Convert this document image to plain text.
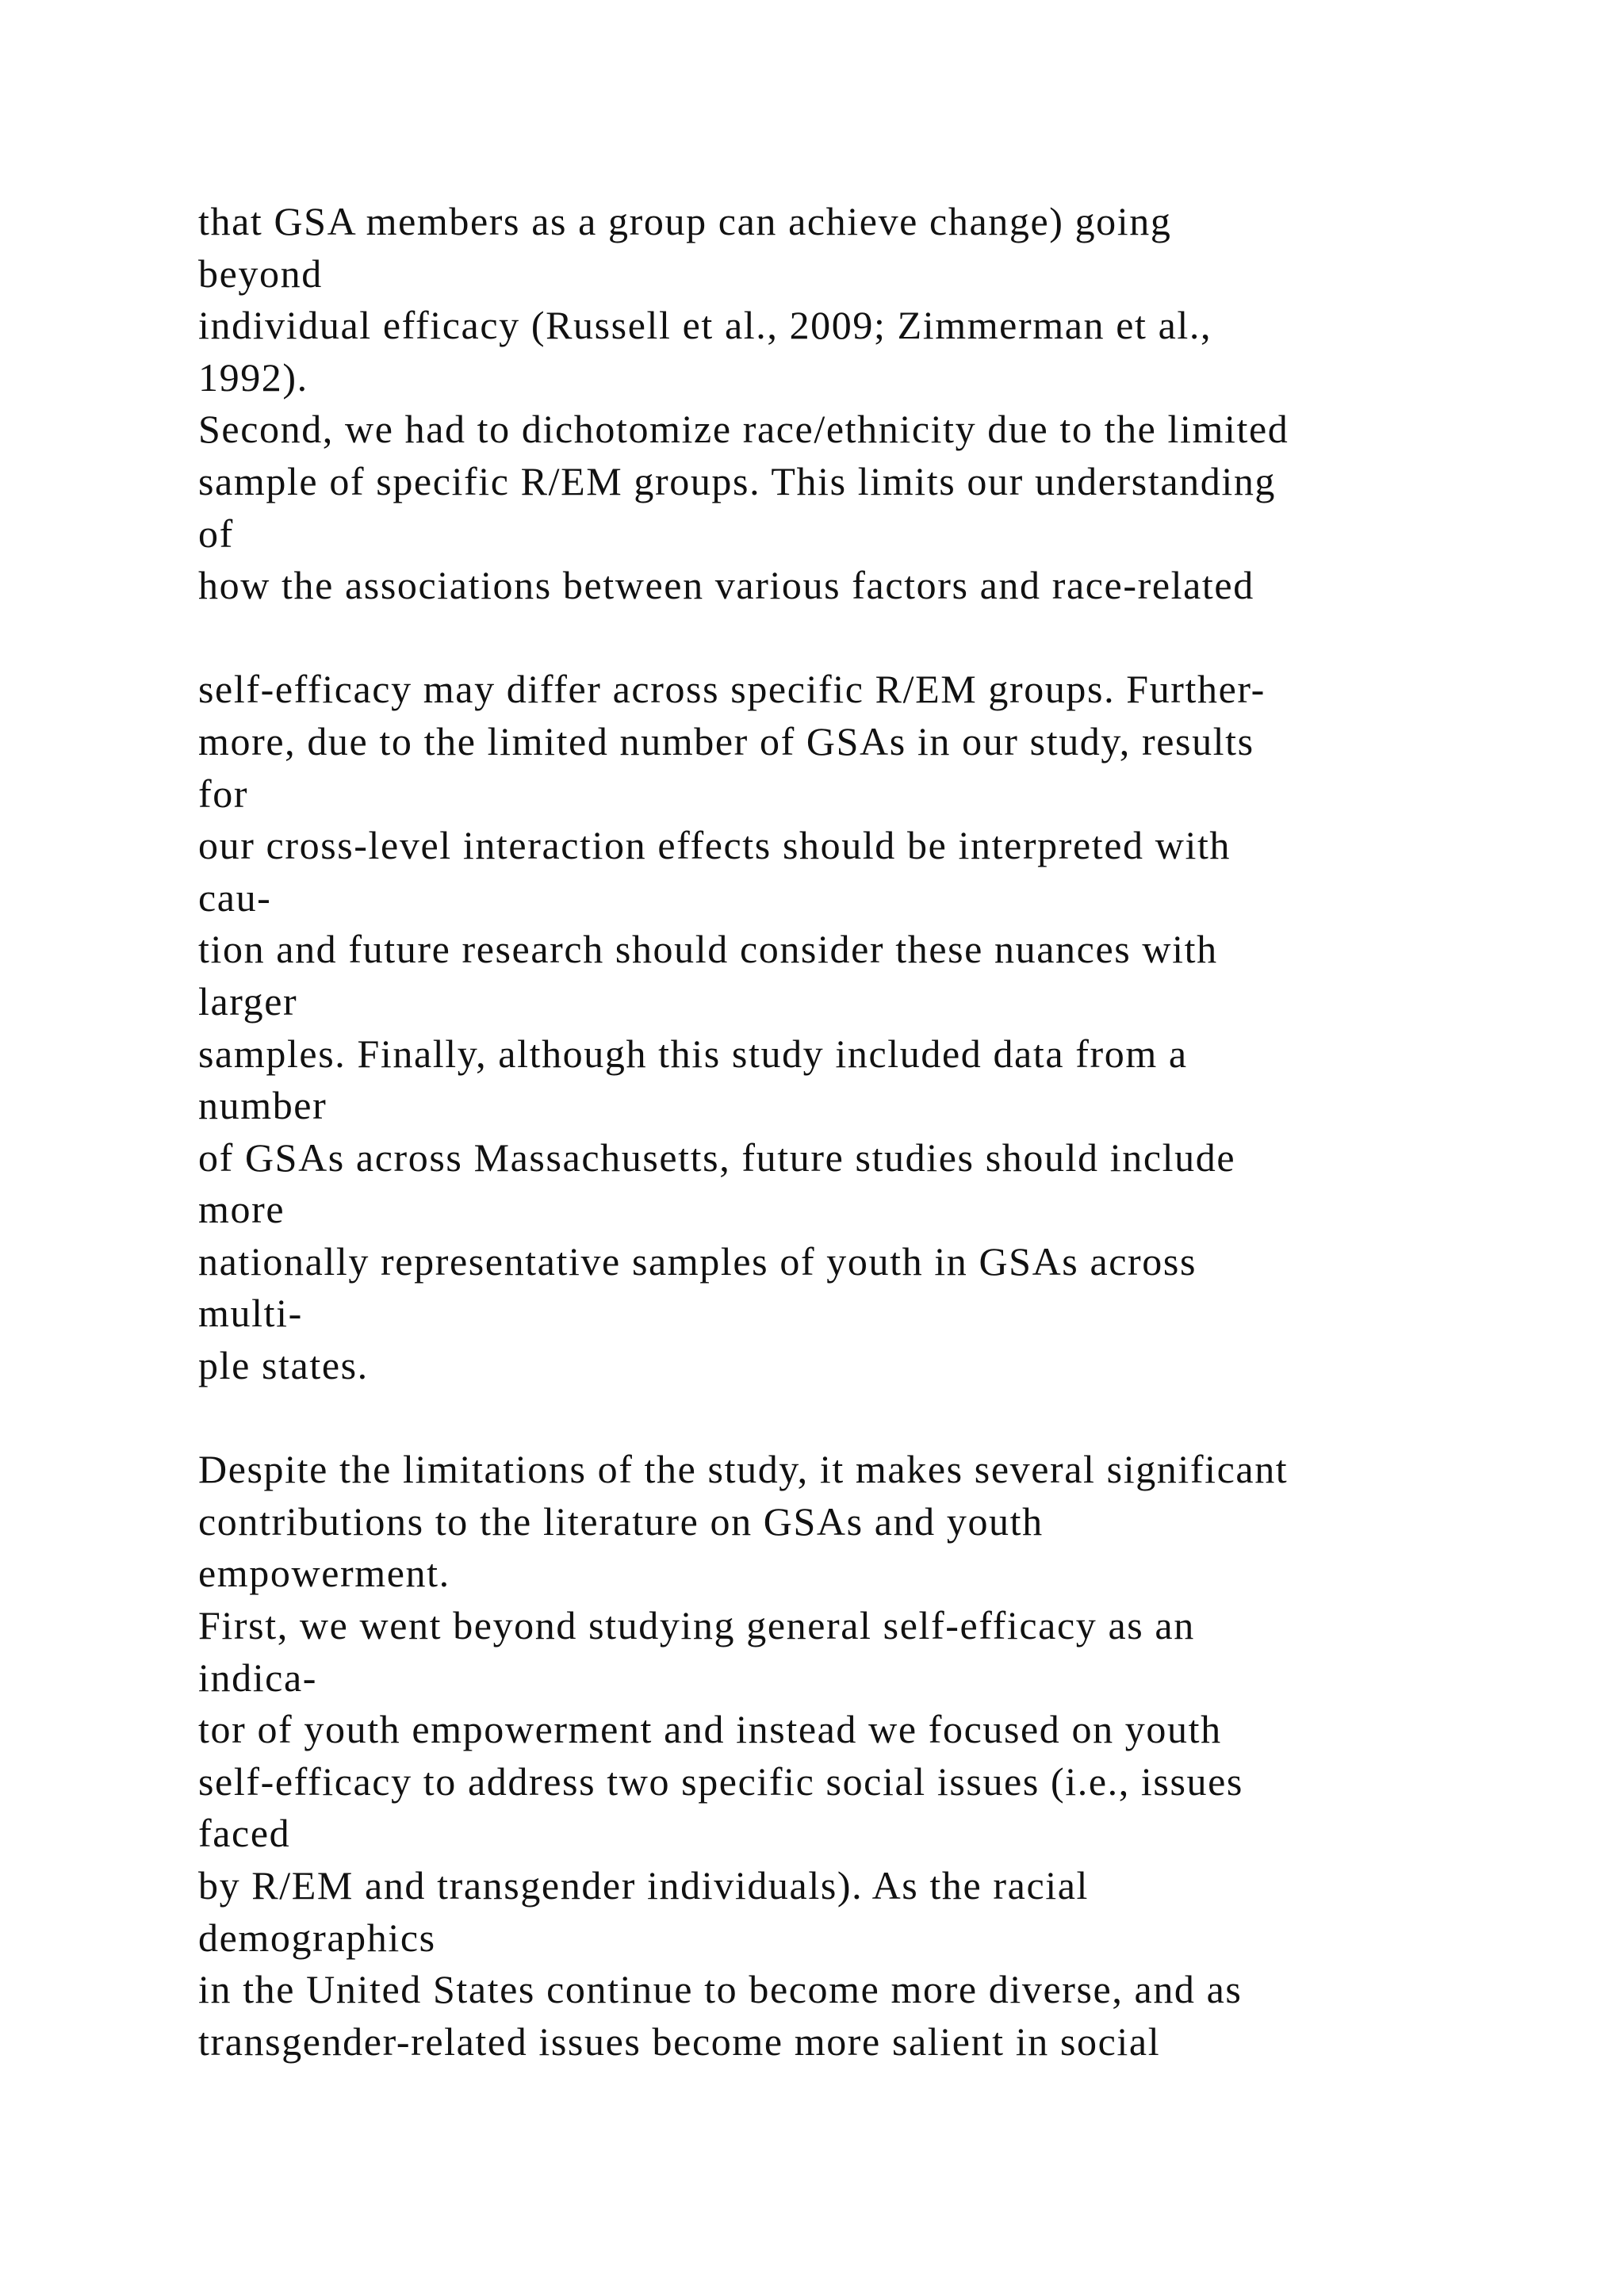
that GSA members as a group can achieve change) going
beyond
individual efficacy (Russell et al., 2009; Zimmerman et al.,
1992).
Second, we had to dichotomize race/ethnicity due to the limited
sample of specific R/EM groups. This limits our understanding
of
how the associations between various factors and race-related
self-efficacy may differ across specific R/EM groups. Further-
more, due to the limited number of GSAs in our study, results
for
our cross-level interaction effects should be interpreted with
cau-
tion and future research should consider these nuances with
larger
samples. Finally, although this study included data from a
number
of GSAs across Massachusetts, future studies should include
more
nationally representative samples of youth in GSAs across
multi-
ple states.
Despite the limitations of the study, it makes several significant
contributions to the literature on GSAs and youth
empowerment.
First, we went beyond studying general self-efficacy as an
indica-
tor of youth empowerment and instead we focused on youth
self-efficacy to address two specific social issues (i.e., issues
faced
by R/EM and transgender individuals). As the racial
demographics
in the United States continue to become more diverse, and as
transgender-related issues become more salient in social
